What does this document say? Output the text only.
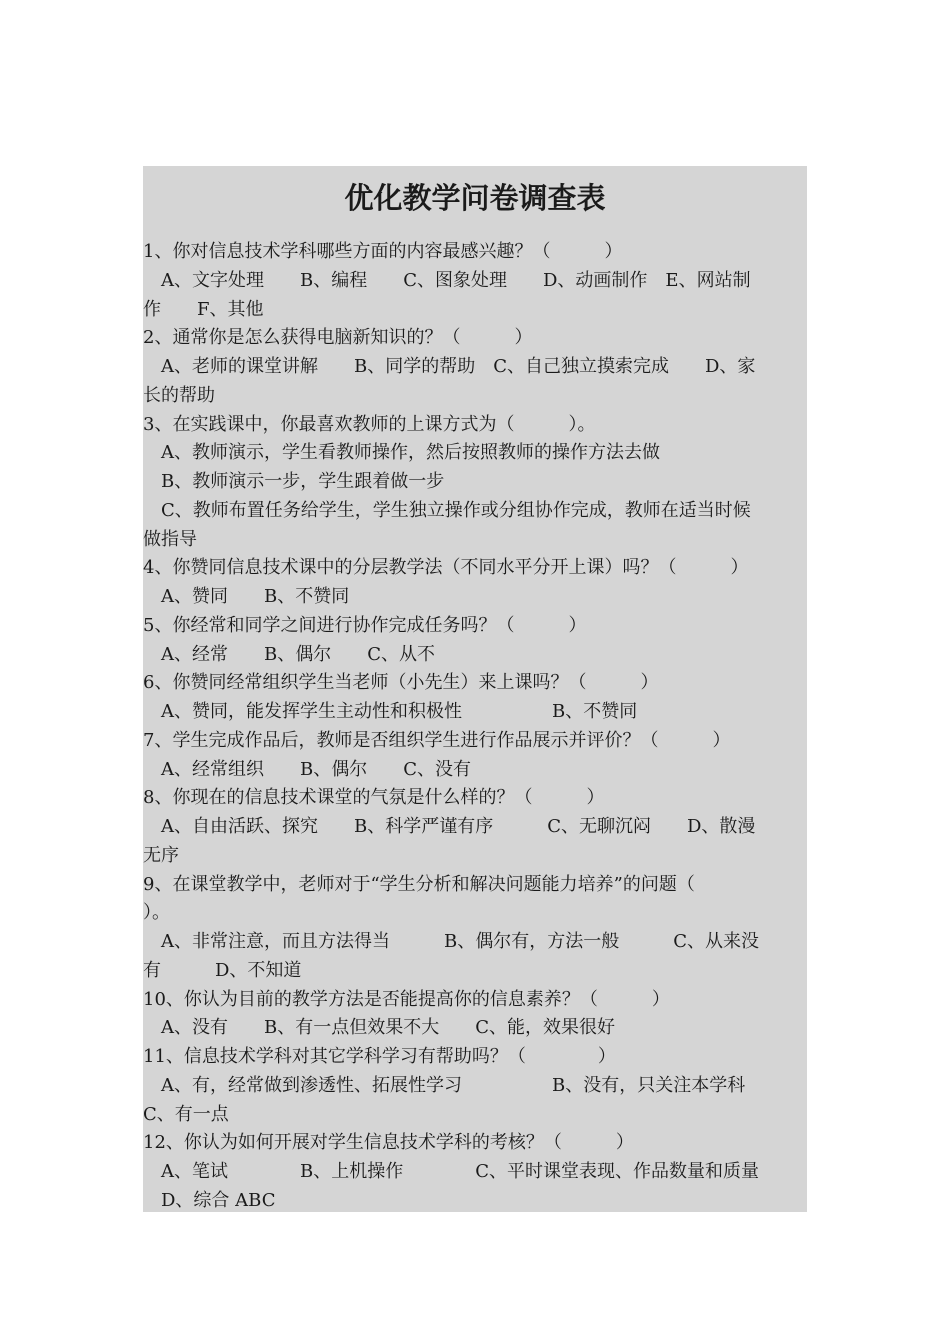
优化教学问卷调查表

1、你对信息技术学科哪些方面的内容最感兴趣？（　　　）

　A、文字处理　　B、编程　　C、图象处理　　D、动画制作　E、网站制

作　　F、其他

2、通常你是怎么获得电脑新知识的？（　　　）

　A、老师的课堂讲解　　B、同学的帮助　C、自己独立摸索完成　　D、家

长的帮助

3、在实践课中，你最喜欢教师的上课方式为（　　　）。

　A、教师演示，学生看教师操作，然后按照教师的操作方法去做

　B、教师演示一步，学生跟着做一步

　C、教师布置任务给学生，学生独立操作或分组协作完成，教师在适当时候

做指导

4、你赞同信息技术课中的分层教学法（不同水平分开上课）吗？（　　　）

　A、赞同　　B、不赞同

5、你经常和同学之间进行协作完成任务吗？（　　　）

　A、经常　　B、偶尔　　C、从不

6、你赞同经常组织学生当老师（小先生）来上课吗？（　　　）

　A、赞同，能发挥学生主动性和积极性　　　　　B、不赞同

7、学生完成作品后，教师是否组织学生进行作品展示并评价？（　　　）

　A、经常组织　　B、偶尔　　C、没有

8、你现在的信息技术课堂的气氛是什么样的？（　　　）

　A、自由活跃、探究　　B、科学严谨有序　　　C、无聊沉闷　　D、散漫

无序

9、在课堂教学中，老师对于“学生分析和解决问题能力培养”的问题（

）。

　A、非常注意，而且方法得当　　　B、偶尔有，方法一般　　　C、从来没

有　　　D、不知道

10、你认为目前的教学方法是否能提高你的信息素养？（　　　）

　A、没有　　B、有一点但效果不大　　C、能，效果很好

11、信息技术学科对其它学科学习有帮助吗？（　　　　）

　A、有，经常做到渗透性、拓展性学习　　　　　B、没有，只关注本学科

C、有一点

12、你认为如何开展对学生信息技术学科的考核？（　　　）

　A、笔试　　　　B、上机操作　　　　C、平时课堂表现、作品数量和质量

　D、综合 ABC
